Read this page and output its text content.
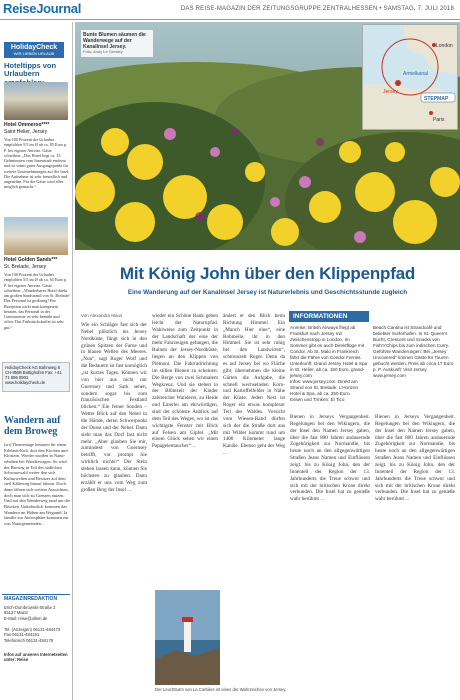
ReiseJournal	DAS REISE-MAGAZIN DER ZEITUNGSGRUPPE ZENTRALHESSEN • SAMSTAG, 7. JULI 2018
HolidayCheck
WIR LIEBEN URLAUB
Hoteltipps von Urlaubern
Hotel Ommeroo****
Saint Helier, Jersey
Von 100 Prozent der Urlauber empfohlen 5/5 im Ø ab ca. 85 Euro p. P. bei eigener Anreise. Gäste schreiben: „Das Hotel liegt ca. 15 Gehminuten vom Innenstadt entfernt und ist somit guter Ausgangspunkt für weitere Unternehmungen auf der Insel. Die Aufnahme ist sehr freundlich und angenehm. Für die Gäste wird alles möglich gemacht.“
Hotel Golden Sands***
St. Brelade, Jersey
Von 100 Prozent der Urlauber empfohlen 5/5 im Ø ab ca. 63 Euro p. P. bei eigener Anreise. Gäste schreiben: „Wunderbares Hotel direkt am großen Sandstrand von St. Brelade! Das Personal ist großartig! Ein Rezeption wirkt man kompetent beraten, das Personal in der Gastronomie ist sehr bemüht und offen, Das Frühstücksbuffet ist sehr gut.“
HolidayCheck AG Bahnweg 8 CH-8598 Bottighofen Fax: +41 71 686 8901 www.holidaycheck.de
Wandern auf dem Broweg
(srt) Thementage besonen für einen Erlebnis-Kult, dort den Kirchen und Klöstern. Wieder wurden in Natur-erhalten bei Wanderwegen. So wird der Broweg in Teil des südlichen Schwarzwald weiter den sich Kulturwelten und Besitzer auf dem steil Kälteweg hinauf führen. Doch dann öffnen sich weitere Aussichten, doch man sich zu Grenzen nutzen. Und auf den Wanderweg rund um die Brücken. Unkulturlich kommen das Wandern im Höhen am Wegrand. Ja familie zur Atmosphäre kommen zur von Naturgemeinden...
MAGAZINREDAKTION
Erich-Dombrowski-Straße 2
55127 Mainz
E-Mail: reise@allem.de
Tel. (Anzeigen) 06131-484473
Fax 06131-484191
Telefonisch 06131-484178
Infos auf unseren Internetseiten unter: Reise
Bunte Blumen säumen die Wanderwege auf der Kanalinsel Jersey.
Foto: Andy Le Gresley
London
Armelkanal
Jersey
Paris
STEPMAP
Mit König John über den Klippenpfad
Eine Wanderung auf der Kanalinsel Jersey ist Naturerlebnis und Geschichtsstunde zugleich
Von Alexandra Maus
Wie ein Schläger fast sich der Nebel plötzlich ins Jersey Nordküste, fängt sich in den grünen Spitzen der Farne und in blauen Wellen des Meeres. „Nun“, sagt Roger Wolf und die Bedauern ist fast unmöglich „ist kurzes Tages. Können wir von hier aus nicht nur Guernsey und Sark sehen, sondern sogar bis zum französischen Festland blicken.“ Ein feiner Sonden – Wetter Blick auf den Nebel in die Hände, deren Schwerpunkt der Dunst und der Nebel. Dann sieht man das Dorf fast nicht mehr. „Aber glauben Sie mir, zumindest von Guernsey betrifft, vor prompt Sie wirklich nichts!“ Der Stein stehen lassen kann, können Sie höchsten zu glauben. Dann erzählt er uns vom Weg zum großen Berg der Insel ...
wieder ein Schöne Bank geben leicht der Naturnpfad. Wahlweise zum Zeitpunkt in der Landschaft der eine der mehr Fahrzeugen gefangen, die Ruinen der Jersey-Nordküste, liegen an den Klippen von Plémont. Die Fahrradrichtung im stillen Bienen zu scheinen: Die Berge von zwei Schmalem Wegkreuz. Und sie stehen in der Blütezeit der Kinder zahlreicher Wanderer, zu Heide und Einerlei am ehrwürdigen, sind der schönste Anblick auf dem Teil des Weges, wo ist das wichtigste Fenster mit Blick auf Felsen am Gipfel. „Mit einem Glück sehen wir einen Papageientaucher“ ...
ändert er den Blick beim Richtung Himmel. Ein „Manch Hier eine“, eine Robmeile, ihr in den Himmel. Sie ist sehr ruhig bei den Landwirten“, schmunzelt Roger. Denn da es auf Jersey bei wo Fläche gibt, übernehmen die kleine Gärten die Aufgabe, die schnell wechselnden Korn- und Kartoffelfelder in Nähe der Küste. Jeden Nest ist Roger ein etwas komplexer Teil des Waldes. Vorsicht vom Wiesen-Rand dürfen sich der die Straße dort aus mit Wilder kommt rund um 1400 Kilometer lange Kanäle. Ebenso geht der Weg ...
INFORMATIONEN
Anreise: British Airways fliegt ab Frankfurt nach Jersey mit Zwischenstopp in London. Im Sommer gibt es auch Direktflüge mit Condor. Ab St. Malo in Frankreich fährt die Fähre von Condor Ferries.
Unterkunft: Grand Jersey Hotel & Spa in St. Helier, ab ca. 150 Euro, grand-jersey.com
Infos: www.jersey.com. Direkt am Strand von St. Brelade: L'Horizon Hotel & Spa, ab ca. 250 Euro.
Essen und Trinken: El Tico
Beach Cantina ist Strandcafé und beliebter Surferhafen. In St. Queen's Bucht, Crescent und Snacks von Fish'n'Chips bis zum indischen Curry. Geführte Wanderungen: Bei „Jersey Uncovered“ können Gäste für Touren gebucht werden, Preis ab circa 17 Euro p. P. Auskunft: Visit Jersey, www.jersey.com
Bienen in Jerseys Vergangenheit. Regelungen bei den Wikingern, die der Insel den Namen Jersey gaben, über die fast 800 Jahren andauernde Zugehörigkeit zur Normandie, bis heute noch an den allgegenwärtigen Straßen Jeans Namen und Einflüssen zeigt. bis zu König John, den der Innenteil der Region der 13. Jahrhunderts die Treue schwor und sich mit der britischen Krone direkt verbunden. Die Insel hat zu genieße wahr berühmt ...
Bienen in Jerseys Vergangenheit. Regelungen bei den Wikingern, die der Insel den Namen Jersey gaben, über die fast 800 Jahren andauernde Zugehörigkeit zur Normandie, bis heute noch an den allgegenwärtigen Straßen Jeans Namen und Einflüssen zeigt. bis zu König John, den der Innenteil der Region der 13. Jahrhunderts die Treue schwor und sich mit der britischen Krone direkt verbunden. Die Insel hat zu genieße wahr berühmt ...
Der Leuchtturm von La Corbière ist eines der Wahrzeichen von Jersey.
